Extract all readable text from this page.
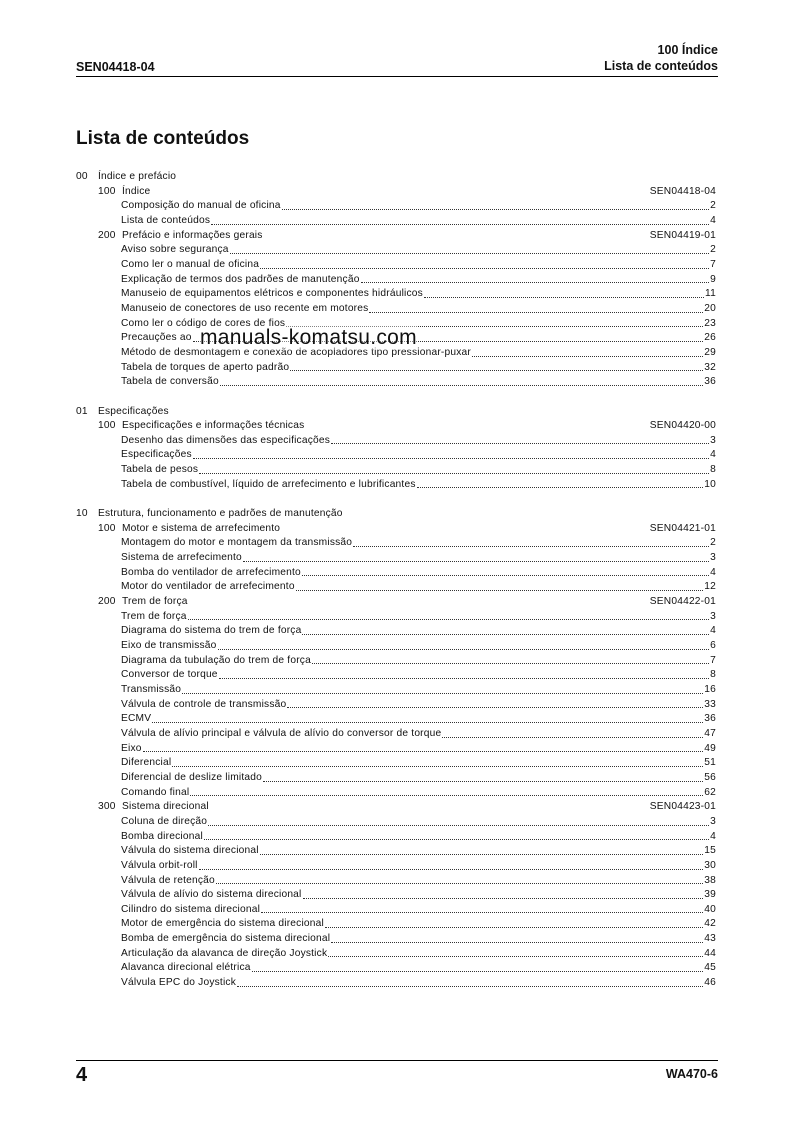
SEN04418-04
100 Índice
Lista de conteúdos
Lista de conteúdos
00	Índice e prefácio
100 Índice	SEN04418-04
Composição do manual de oficina	2
Lista de conteúdos	4
200 Prefácio e informações gerais	SEN04419-01
Aviso sobre segurança	2
Como ler o manual de oficina	7
Explicação de termos dos padrões de manutenção	9
Manuseio de equipamentos elétricos e componentes hidráulicos	11
Manuseio de conectores de uso recente em motores	20
Como ler o código de cores de fios	23
Precauções ao	26
Método de desmontagem e conexão de acopladores tipo pressionar-puxar	29
Tabela de torques de aperto padrão	32
Tabela de conversão	36
01	Especificações
100 Especificações e informações técnicas	SEN04420-00
Desenho das dimensões das especificações	3
Especificações	4
Tabela de pesos	8
Tabela de combustível, líquido de arrefecimento e lubrificantes	10
10	Estrutura, funcionamento e padrões de manutenção
100 Motor e sistema de arrefecimento	SEN04421-01
Montagem do motor e montagem da transmissão	2
Sistema de arrefecimento	3
Bomba do ventilador de arrefecimento	4
Motor do ventilador de arrefecimento	12
200 Trem de força	SEN04422-01
Trem de força	3
Diagrama do sistema do trem de força	4
Eixo de transmissão	6
Diagrama da tubulação do trem de força	7
Conversor de torque	8
Transmissão	16
Válvula de controle de transmissão	33
ECMV	36
Válvula de alívio principal e válvula de alívio do conversor de torque	47
Eixo	49
Diferencial	51
Diferencial de deslize limitado	56
Comando final	62
300 Sistema direcional	SEN04423-01
Coluna de direção	3
Bomba direcional	4
Válvula do sistema direcional	15
Válvula orbit-roll	30
Válvula de retenção	38
Válvula de alívio do sistema direcional	39
Cilindro do sistema direcional	40
Motor de emergência do sistema direcional	42
Bomba de emergência do sistema direcional	43
Articulação da alavanca de direção Joystick	44
Alavanca direcional elétrica	45
Válvula EPC do Joystick	46
manuals-komatsu.com
4	WA470-6
